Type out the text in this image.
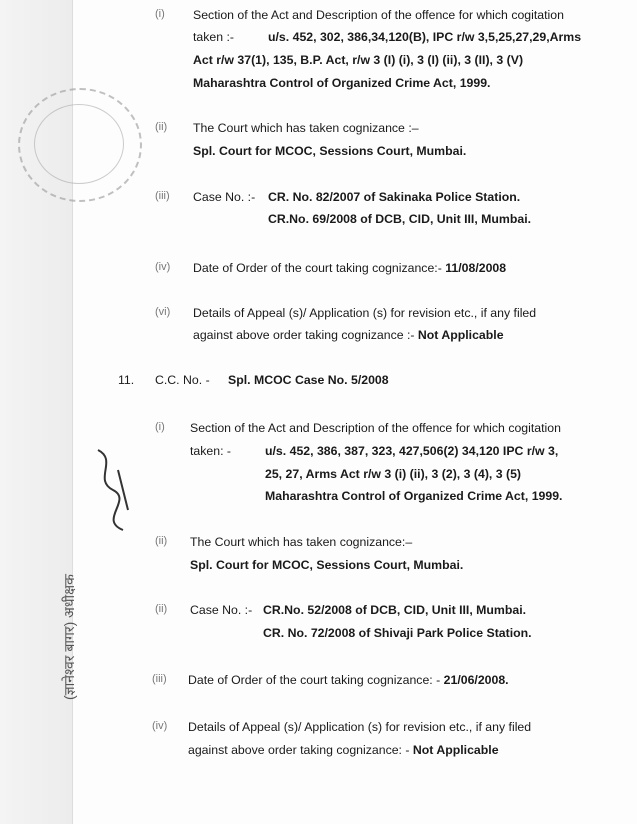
(ज्ञानेश्वर बागर) अधीक्षक
(i) Section of the Act and Description of the offence for which cogitation
taken :-	u/s. 452, 302, 386,34,120(B), IPC r/w 3,5,25,27,29,Arms
Act r/w 37(1), 135, B.P. Act, r/w 3 (I) (i), 3 (I) (ii), 3 (II), 3 (V)
Maharashtra Control of Organized Crime Act, 1999.
(ii) The Court which has taken cognizance :–
Spl. Court for MCOC, Sessions Court, Mumbai.
(iii) Case No. :- CR. No. 82/2007 of Sakinaka Police Station.
CR.No. 69/2008 of DCB, CID, Unit III, Mumbai.
(iv) Date of Order of the court taking cognizance:- 11/08/2008
(vi) Details of Appeal (s)/ Application (s) for revision etc., if any filed
against above order taking cognizance :- Not Applicable
11. C.C. No. - Spl. MCOC Case No. 5/2008
(i) Section of the Act and Description of the offence for which cogitation
taken: -	u/s. 452, 386, 387, 323, 427,506(2) 34,120 IPC r/w 3,
25, 27, Arms Act r/w 3 (i) (ii), 3 (2), 3 (4), 3 (5)
Maharashtra Control of Organized Crime Act, 1999.
(ii) The Court which has taken cognizance:–
Spl. Court for MCOC, Sessions Court, Mumbai.
(ii) Case No. :- CR.No. 52/2008 of DCB, CID, Unit III, Mumbai.
CR. No. 72/2008 of Shivaji Park Police Station.
(iii) Date of Order of the court taking cognizance: - 21/06/2008.
(iv) Details of Appeal (s)/ Application (s) for revision etc., if any filed
against above order taking cognizance: - Not Applicable
